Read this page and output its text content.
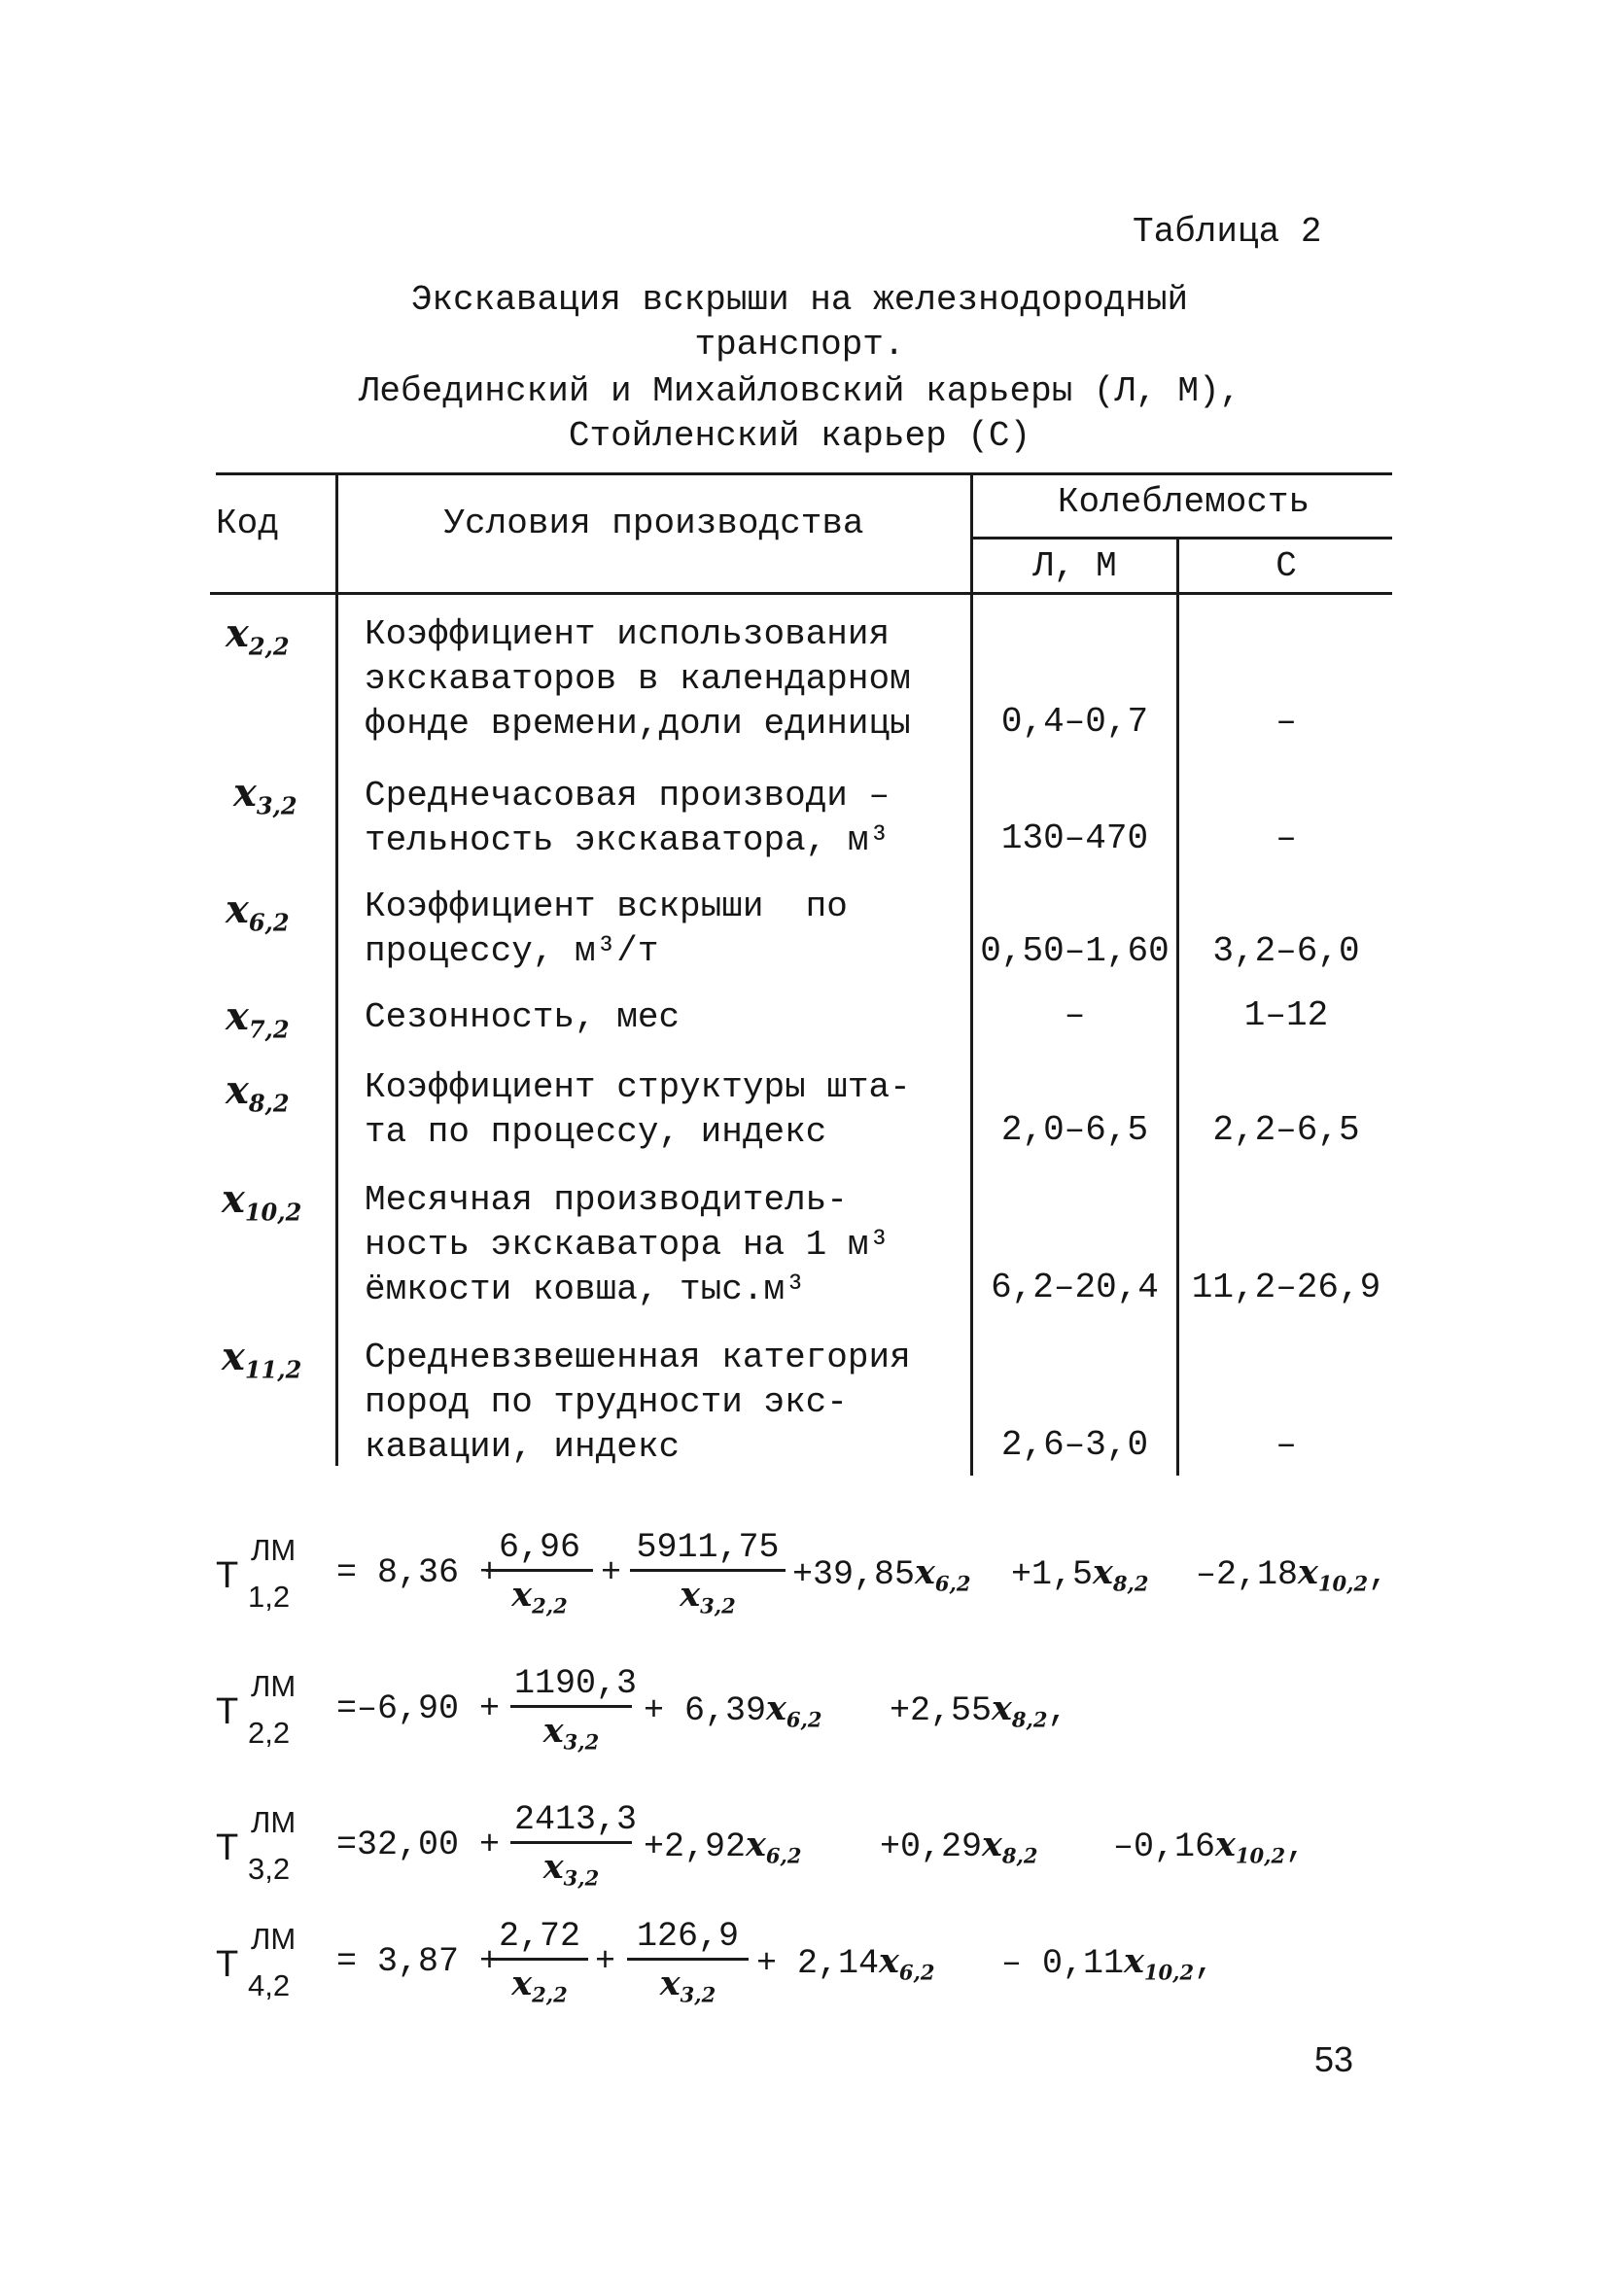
Таблица 2
Экскавация вскрыши на железнодородный
транспорт.
Лебединский и Михайловский карьеры (Л, М),
Стойленский карьер (С)
Код	Условия производства
Колеблемость
Л, М	С
$x_{2,2}$ Коэффициент использования
экскаваторов в календарном
фонде времени,доли единицы	0,4–0,7	–
$x_{3,2}$ Среднечасовая производи –
тельность экскаватора, м³	130–470	–
$x_{6,2}$ Коэффициент вскрыши  по
процессу, м³/т	0,50–1,60	3,2–6,0
$x_{7,2}$ Сезонность, мес	–	1–12
$x_{8,2}$ Коэффициент структуры шта-
та по процессу, индекс	2,0–6,5	2,2–6,5
$x_{10,2}$ Месячная производитель-
ность экскаватора на 1 м³
ёмкости ковша, тыс.м³	6,2–20,4 11,2–26,9
$x_{11,2}$ Средневзвешенная категория
пород по трудности экс-
кавации, индекс	2,6–3,0	–
T
ЛМ
1,2
= 8,36 +
$\frac{6,96}{x_{2,2}} + \frac{5911,75}{x_{3,2}} +39,85x_{6,2} +1,5x_{8,2}$ $-2,18x_{10,2}$,
T
ЛМ
2,2
$=-6,90 + \frac{1190,3}{x_{3,2}} + 6,39x_{6,2} +2,55x_{8,2}$,
T
ЛМ
3,2
$=32,00 + \frac{2413,3}{x_{3,2}} +2,92x_{6,2} +0,29x_{8,2}$ $-0,16x_{10,2}$,
T
ЛМ
4,2
= 3,87 +
$\frac{2,72}{x_{2,2}} + \frac{126,9}{x_{3,2}} + 2,14x_{6,2} - 0,11x_{10,2}$,
53
